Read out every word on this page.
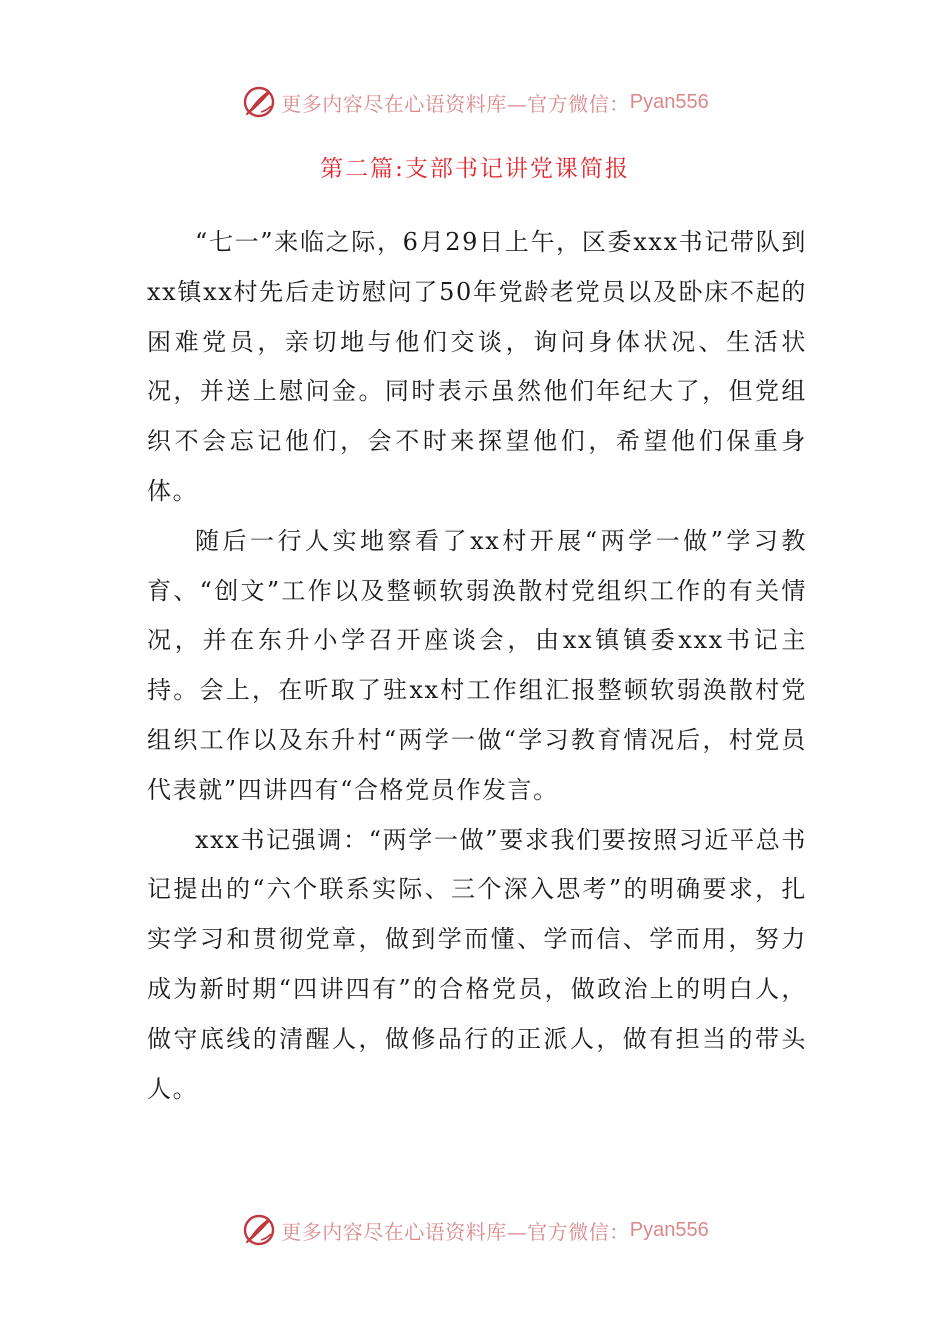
更多内容尽在心语资料库—官方微信： Pyan556
第二篇:支部书记讲党课简报

“七一”来临之际，6月29日上午，区委xxx书记带队到xx镇xx村先后走访慰问了50年党龄老党员以及卧床不起的困难党员，亲切地与他们交谈，询问身体状况、生活状况，并送上慰问金。同时表示虽然他们年纪大了，但党组织不会忘记他们，会不时来探望他们，希望他们保重身体。

随后一行人实地察看了xx村开展“两学一做”学习教育、“创文”工作以及整顿软弱涣散村党组织工作的有关情况，并在东升小学召开座谈会，由xx镇镇委xxx书记主持。会上，在听取了驻xx村工作组汇报整顿软弱涣散村党组织工作以及东升村“两学一做“学习教育情况后，村党员代表就”四讲四有“合格党员作发言。

xxx书记强调：“两学一做”要求我们要按照习近平总书记提出的“六个联系实际、三个深入思考”的明确要求，扎实学习和贯彻党章，做到学而懂、学而信、学而用，努力成为新时期“四讲四有”的合格党员，做政治上的明白人，做守底线的清醒人，做修品行的正派人，做有担当的带头人。

更多内容尽在心语资料库—官方微信： Pyan556
